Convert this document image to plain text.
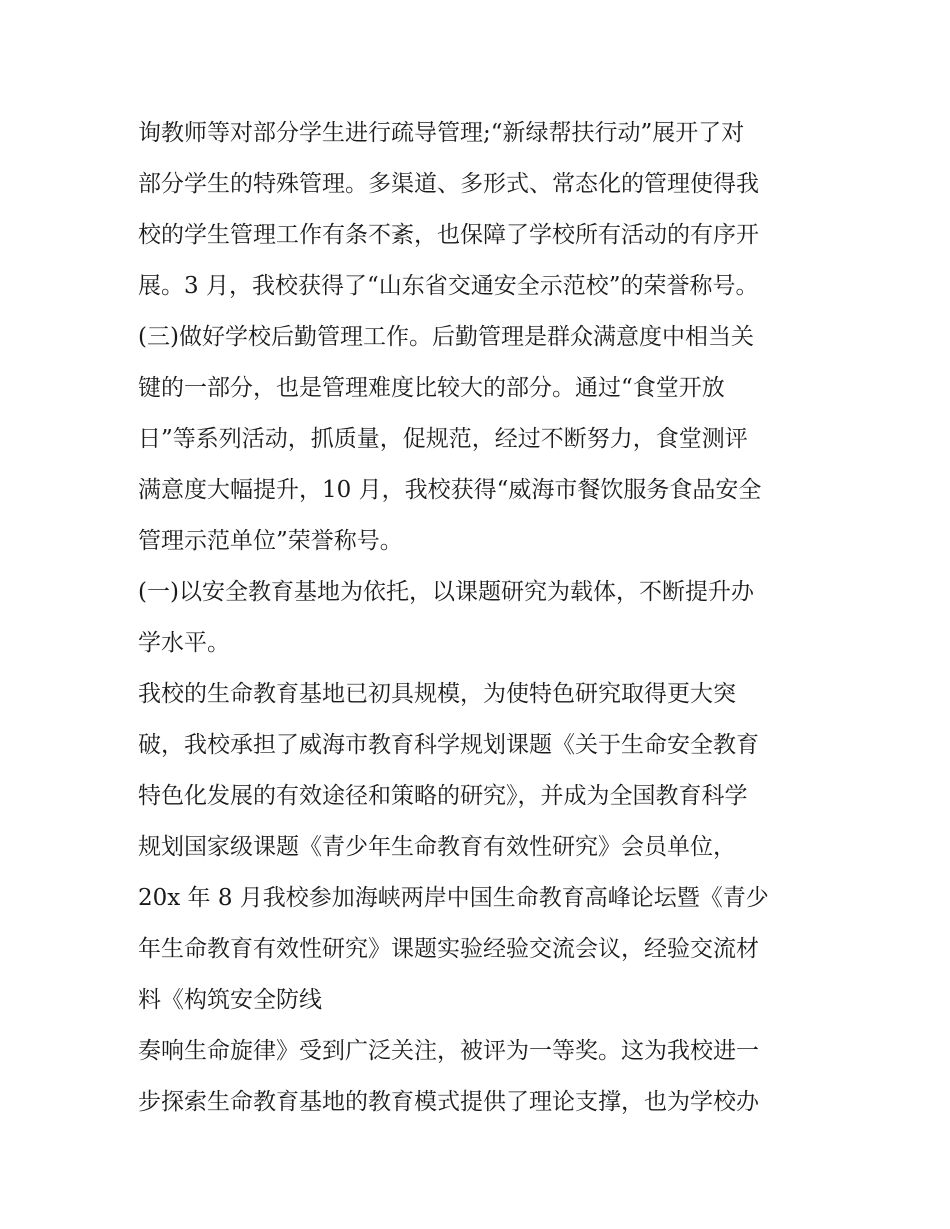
询教师等对部分学生进行疏导管理;“新绿帮扶行动”展开了对
部分学生的特殊管理。多渠道、多形式、常态化的管理使得我
校的学生管理工作有条不紊，也保障了学校所有活动的有序开
展。3 月，我校获得了“山东省交通安全示范校”的荣誉称号。
(三)做好学校后勤管理工作。后勤管理是群众满意度中相当关
键的一部分，也是管理难度比较大的部分。通过“食堂开放
日”等系列活动，抓质量，促规范，经过不断努力，食堂测评
满意度大幅提升，10 月，我校获得“威海市餐饮服务食品安全
管理示范单位”荣誉称号。
(一)以安全教育基地为依托，以课题研究为载体，不断提升办
学水平。
我校的生命教育基地已初具规模，为使特色研究取得更大突
破，我校承担了威海市教育科学规划课题《关于生命安全教育
特色化发展的有效途径和策略的研究》，并成为全国教育科学
规划国家级课题《青少年生命教育有效性研究》会员单位，
20x 年 8 月我校参加海峡两岸中国生命教育高峰论坛暨《青少
年生命教育有效性研究》课题实验经验交流会议，经验交流材
料《构筑安全防线
奏响生命旋律》受到广泛关注，被评为一等奖。这为我校进一
步探索生命教育基地的教育模式提供了理论支撑，也为学校办
